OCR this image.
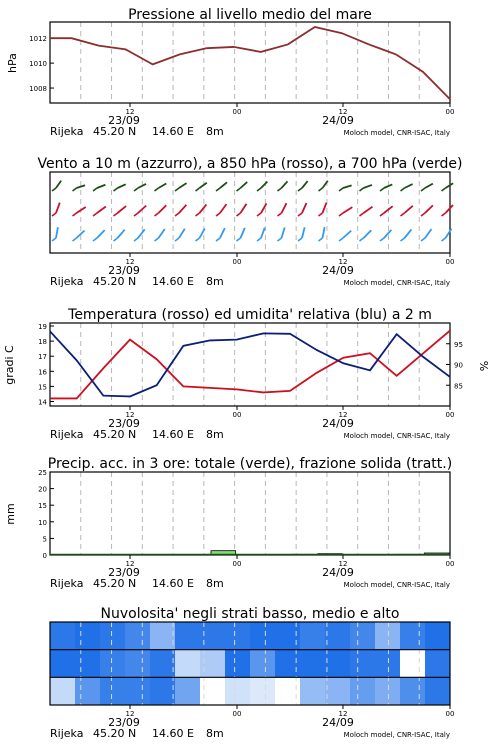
Pressione al livello medio del mare
1008
1010
1012
hPa
12	00	12	00
23/09	24/09
Rijeka 45.20 N 14.60 E 8m	Moloch model, CNR-ISAC, Italy
Vento a 10 m (azzurro), a 850 hPa (rosso), a 700 hPa (verde)
12	00	12	00
23/09	24/09
Rijeka 45.20 N 14.60 E 8m	Moloch model, CNR-ISAC, Italy
Temperatura (rosso) ed umidita' relativa (blu) a 2 m
14
15
16
17
18
19
85
90
95
gradi C	%
12	00	12	00
23/09	24/09
Rijeka 45.20 N 14.60 E 8m	Moloch model, CNR-ISAC, Italy
Precip. acc. in 3 ore: totale (verde), frazione solida (tratt.)
0
5
10
15
20
25
mm
12	00	12	00
23/09	24/09
Rijeka 45.20 N 14.60 E 8m	Moloch model, CNR-ISAC, Italy
Nuvolosita' negli strati basso, medio e alto
12	00	12	00
23/09	24/09
Rijeka 45.20 N 14.60 E 8m	Moloch model, CNR-ISAC, Italy
